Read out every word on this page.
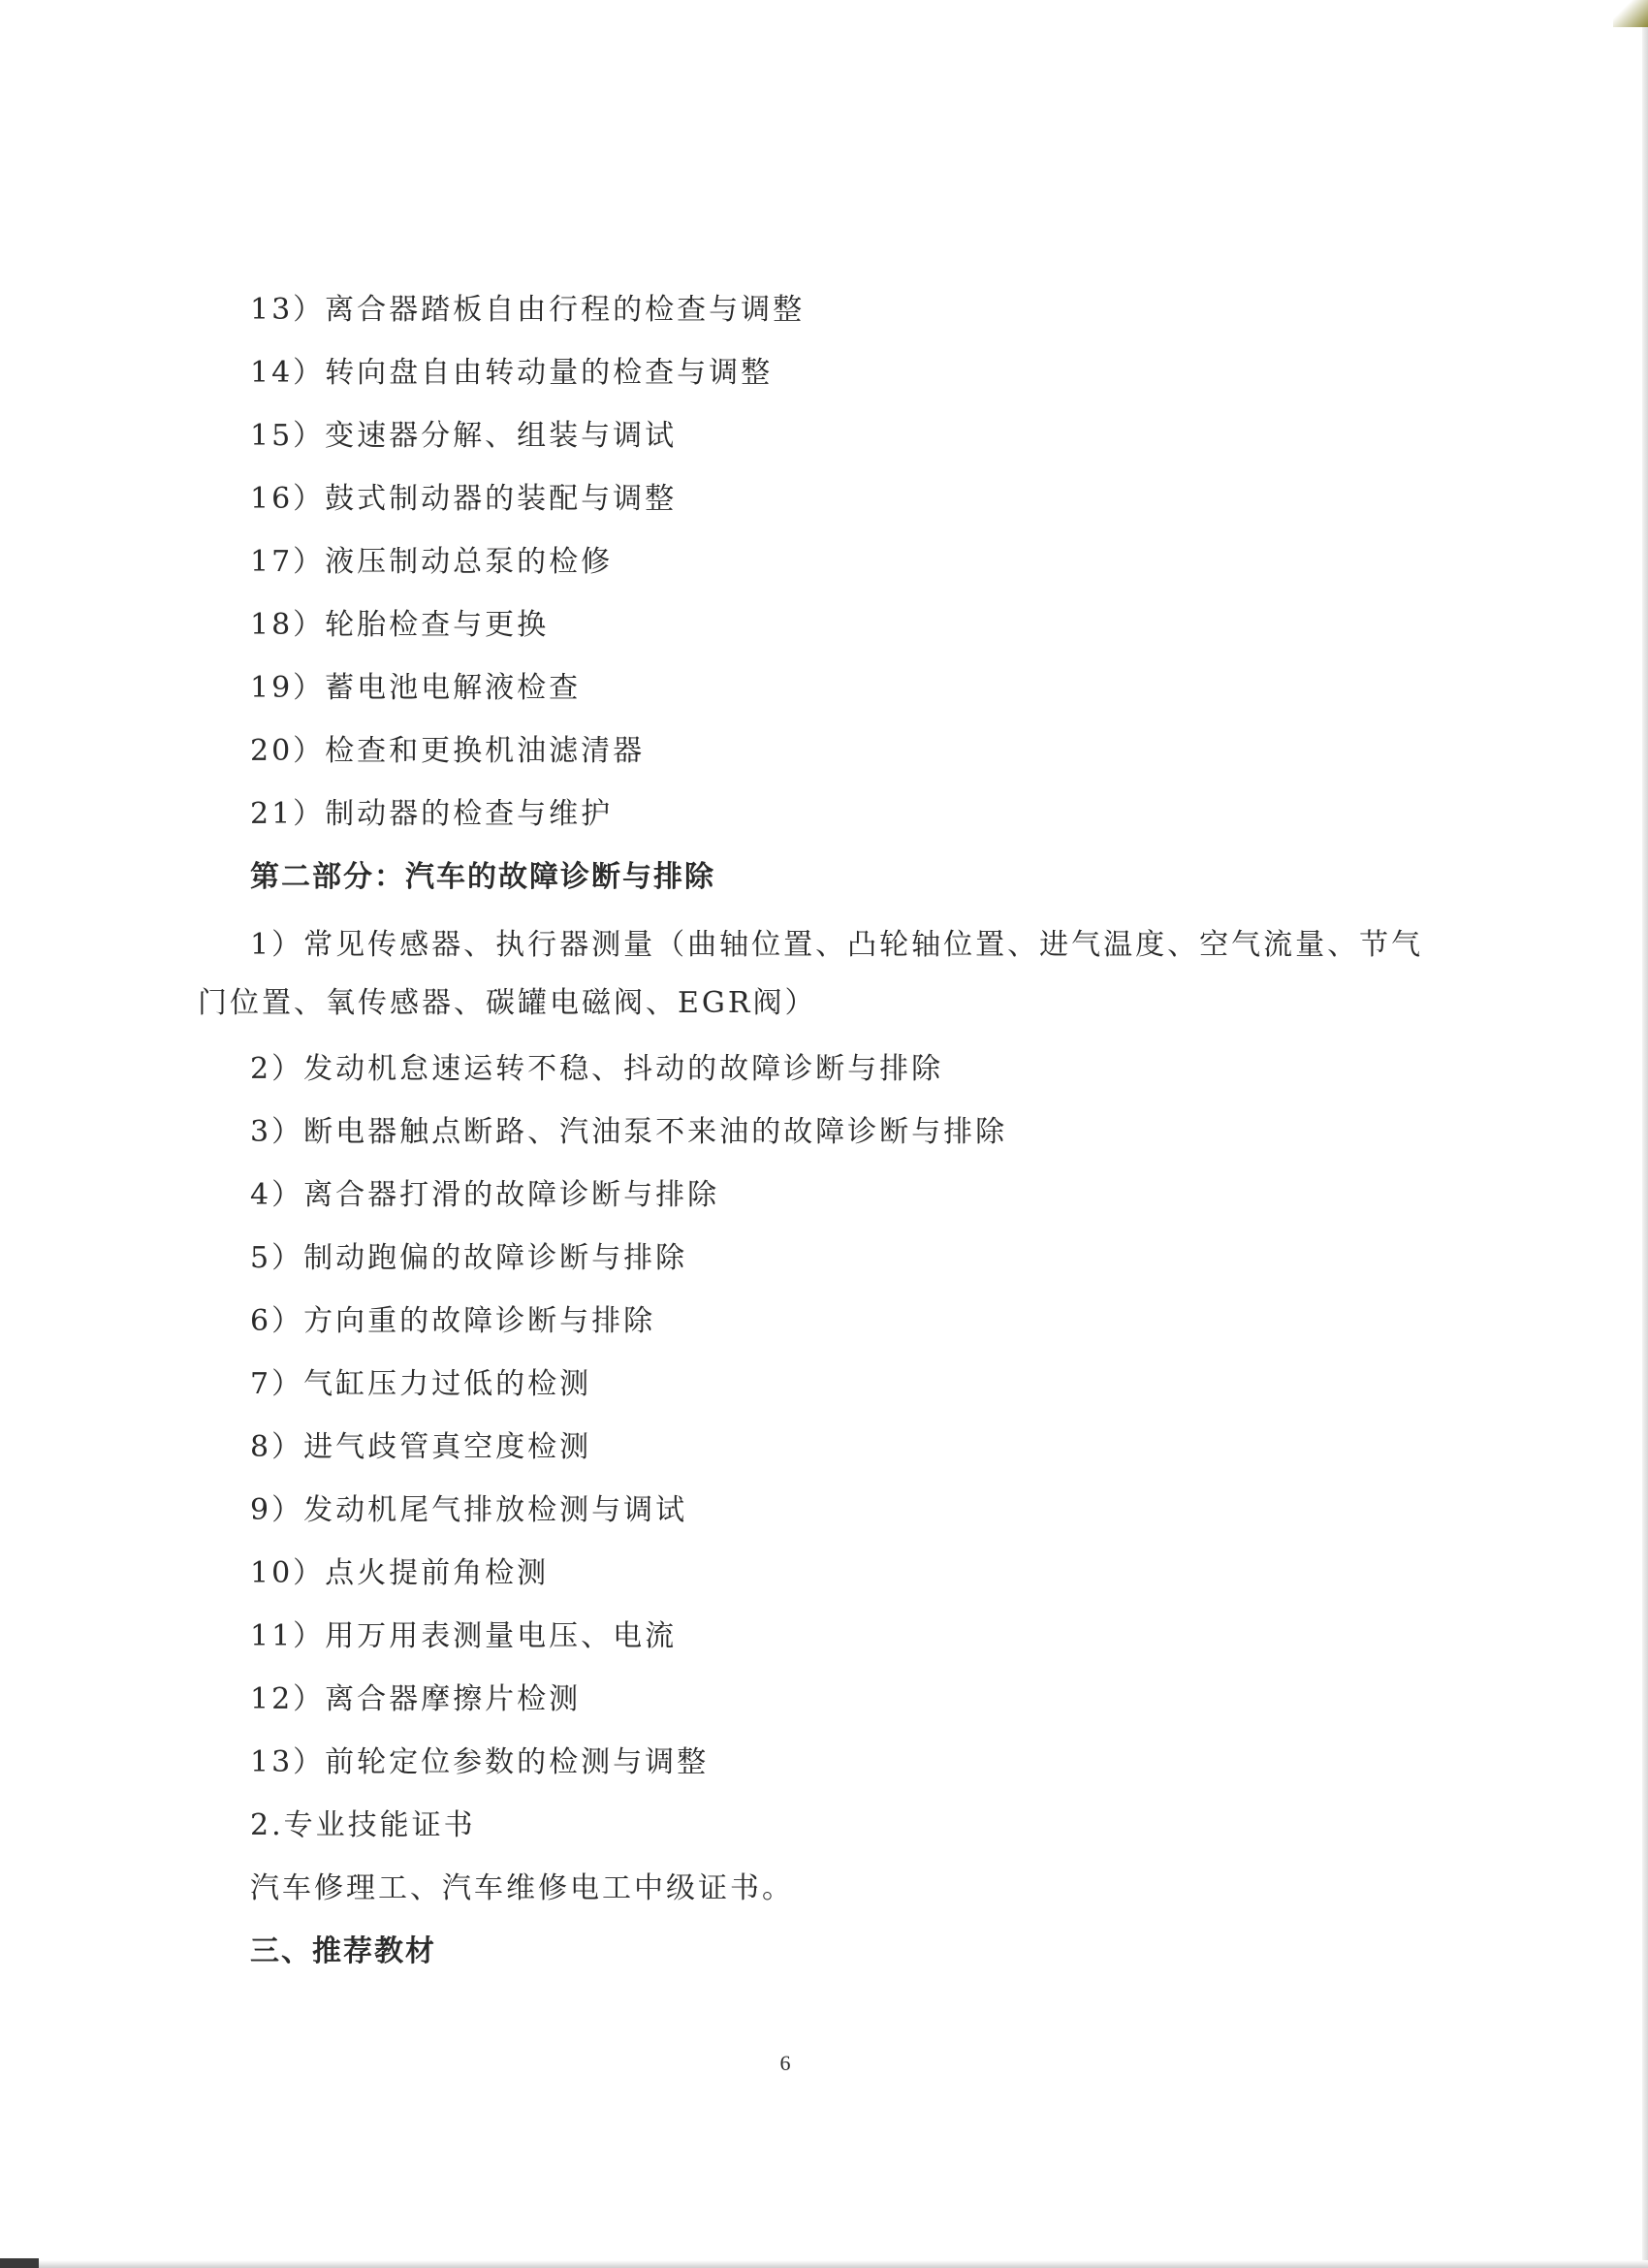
13）离合器踏板自由行程的检查与调整
14）转向盘自由转动量的检查与调整
15）变速器分解、组装与调试
16）鼓式制动器的装配与调整
17）液压制动总泵的检修
18）轮胎检查与更换
19）蓄电池电解液检查
20）检查和更换机油滤清器
21）制动器的检查与维护
第二部分：汽车的故障诊断与排除
1）常见传感器、执行器测量（曲轴位置、凸轮轴位置、进气温度、空气流量、节气
门位置、氧传感器、碳罐电磁阀、EGR阀）
2）发动机怠速运转不稳、抖动的故障诊断与排除
3）断电器触点断路、汽油泵不来油的故障诊断与排除
4）离合器打滑的故障诊断与排除
5）制动跑偏的故障诊断与排除
6）方向重的故障诊断与排除
7）气缸压力过低的检测
8）进气歧管真空度检测
9）发动机尾气排放检测与调试
10）点火提前角检测
11）用万用表测量电压、电流
12）离合器摩擦片检测
13）前轮定位参数的检测与调整
2.专业技能证书
汽车修理工、汽车维修电工中级证书。
三、推荐教材
6
